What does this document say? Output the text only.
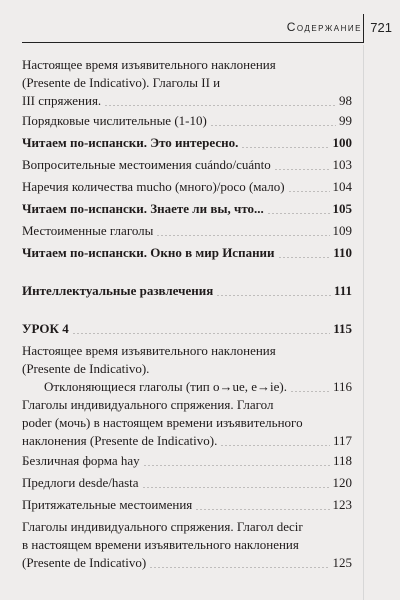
Содержание 721
Настоящее время изъявительного наклонения
(Presente de Indicativo). Глаголы II и
III спряжения.	98
Порядковые числительные (1-10)	99
Читаем по-испански. Это интересно.	100
Вопросительные местоимения cuándo/cuánto	103
Наречия количества mucho (много)/poco (мало)	104
Читаем по-испански. Знаете ли вы, что...	105
Местоименные глаголы	109
Читаем по-испански. Окно в мир Испании	110
Интеллектуальные развлечения	111
УРОК 4	115
Настоящее время изъявительного наклонения
(Presente de Indicativo).
Отклоняющиеся глаголы (тип o→ue, e→ie).	116
Глаголы индивидуального спряжения. Глагол
poder (мочь) в настоящем времени изъявительного
наклонения (Presente de Indicativo).	117
Безличная форма hay	118
Предлоги desde/hasta	120
Притяжательные местоимения	123
Глаголы индивидуального спряжения. Глагол decir
в настоящем времени изъявительного наклонения
(Presente de Indicativo)	125
